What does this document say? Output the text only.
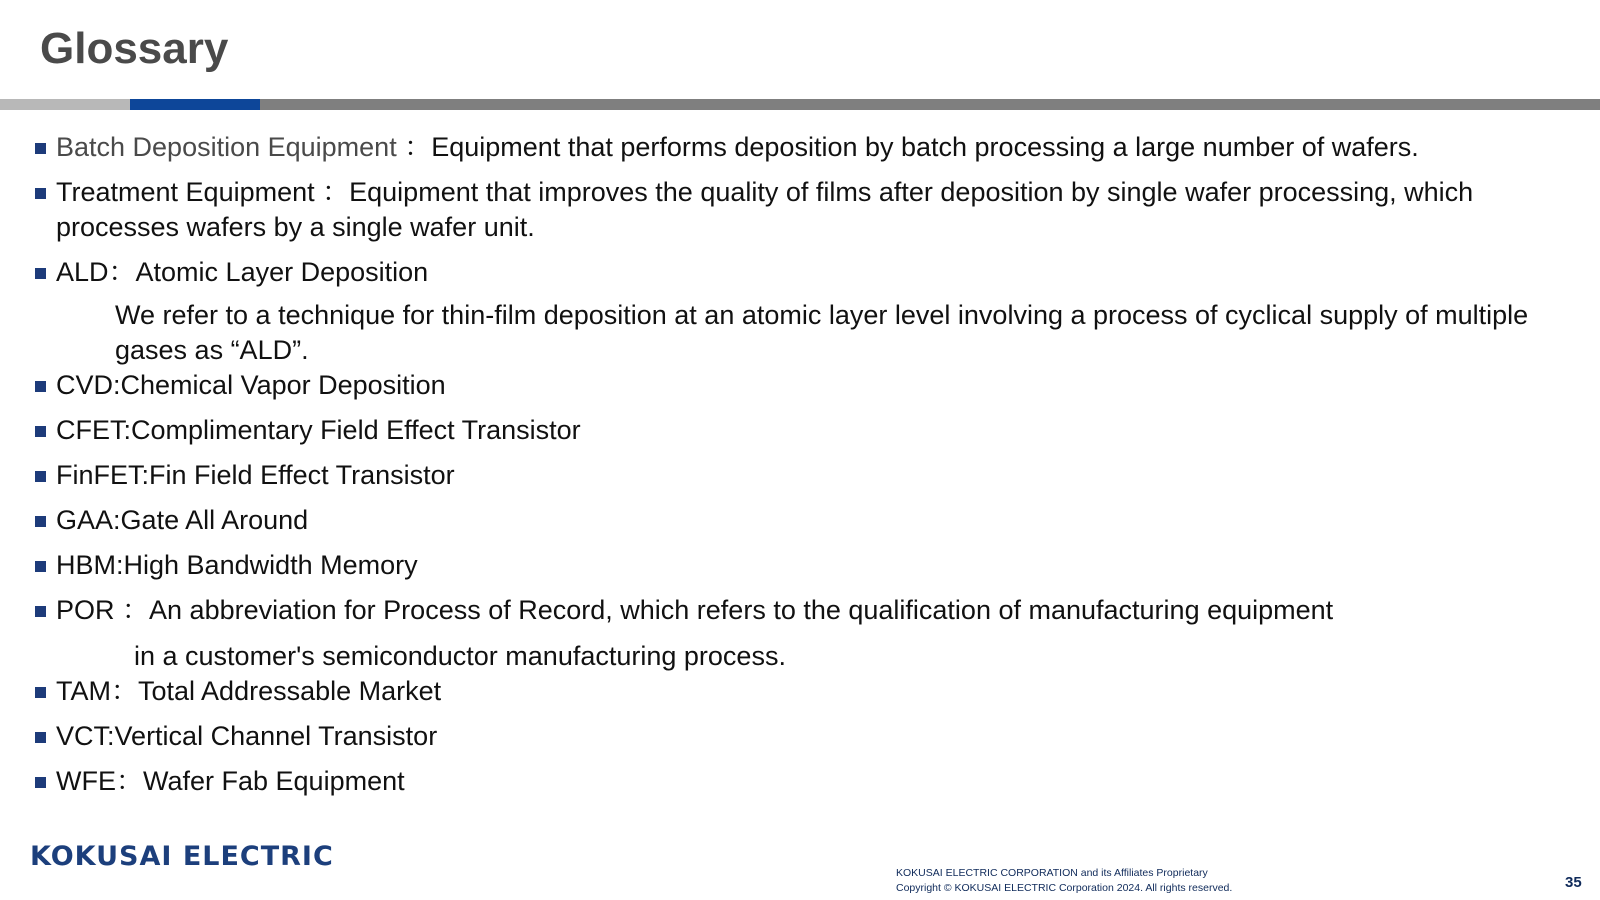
Glossary
Batch Deposition Equipment ：Equipment that performs deposition by batch processing a large number of wafers.
Treatment Equipment ：Equipment that improves the quality of films after deposition by single wafer processing, which processes wafers by a single wafer unit.
ALD：Atomic Layer Deposition
We refer to a technique for thin-film deposition at an atomic layer level involving a process of cyclical supply of multiple gases as “ALD”.
CVD:Chemical Vapor Deposition
CFET:Complimentary Field Effect Transistor
FinFET:Fin Field Effect Transistor
GAA:Gate All Around
HBM:High Bandwidth Memory
POR ：An abbreviation for Process of Record, which refers to the qualification of manufacturing equipment
in a customer's semiconductor manufacturing process.
TAM：Total Addressable Market
VCT:Vertical Channel Transistor
WFE：Wafer Fab Equipment
KOKUSAI ELECTRIC
KOKUSAI ELECTRIC CORPORATION and its Affiliates Proprietary
Copyright © KOKUSAI ELECTRIC Corporation 2024. All rights reserved.	35
